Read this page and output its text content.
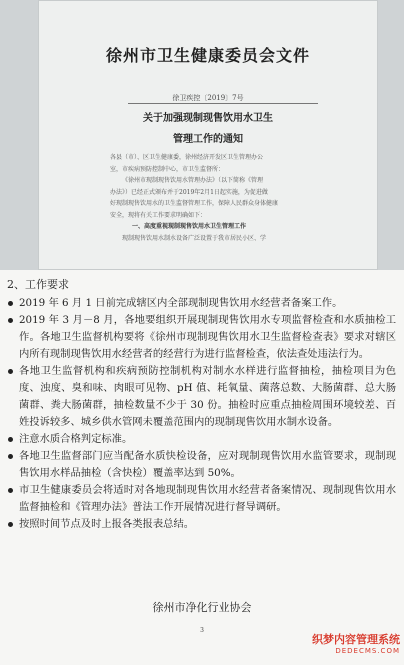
徐州市卫生健康委员会文件
徐卫疾控〔2019〕7号
关于加强现制现售饮用水卫生
管理工作的通知
各县（市）、区卫生健康委，徐州经济开发区卫生管理办公
室，市疾病预防控制中心，市卫生监督所：
《徐州市现制现售饮用水管理办法》（以下简称《管理
办法》）已经正式颁布并于2019年2月1日起实施，为促进做
好现制现售饮用水的卫生监督管理工作，保障人民群众身体健康
安全，现将有关工作要求明确如下：
一、高度重视现制现售饮用水卫生管理工作
现制现售饮用水制水设备广泛设置于我市居民小区、学
2、工作要求
2019 年 6 月 1 日前完成辖区内全部现制现售饮用水经营者备案工作。
2019 年 3 月－8 月，各地要组织开展现制现售饮用水专项监督检查和水质抽检工作。各地卫生监督机构要将《徐州市现制现售饮用水卫生监督检查表》要求对辖区内所有现制现售饮用水经营者的经营行为进行监督检查，依法查处违法行为。
各地卫生监督机构和疾病预防控制机构对制水水样进行监督抽检，抽检项目为色度、浊度、臭和味、肉眼可见物、pH 值、耗氧量、菌落总数、大肠菌群、总大肠菌群、粪大肠菌群，抽检数量不少于 30 份。抽检时应重点抽检周围环境较差、百姓投诉较多、城乡供水管网未覆盖范围内的现制现售饮用水制水设备。
注意水质合格判定标准。
各地卫生监督部门应当配备水质快检设备，应对现制现售饮用水监管要求，现制现售饮用水样品抽检（含快检）覆盖率达到 50%。
市卫生健康委员会将适时对各地现制现售饮用水经营者备案情况、现制现售饮用水监督抽检和《管理办法》普法工作开展情况进行督导调研。
按照时间节点及时上报各类报表总结。
徐州市净化行业协会
3
织梦内容管理系统
DEDECMS.COM
